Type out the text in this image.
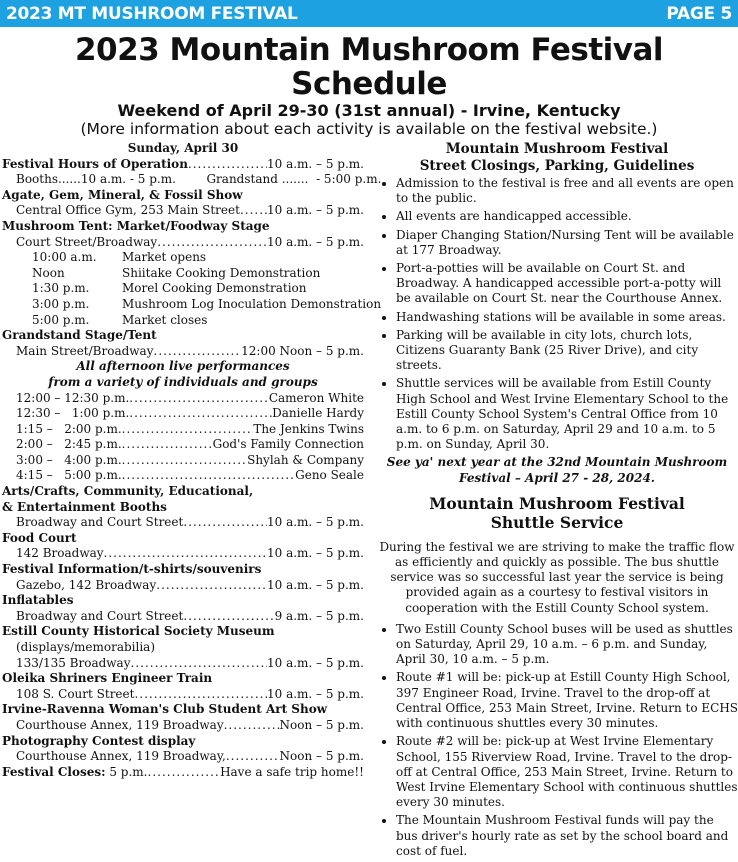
2023 MT MUSHROOM FESTIVAL	PAGE 5
2023 Mountain Mushroom Festival Schedule
Weekend of April 29-30 (31st annual) - Irvine, Kentucky
(More information about each activity is available on the festival website.)
Sunday, April 30
Festival Hours of Operation .....	10 a.m. – 5 p.m.
Booths......10 a.m. - 5 p.m.	Grandstand .......  - 5:00 p.m.
Agate, Gem, Mineral, & Fossil Show
Central Office Gym, 253 Main Street ..... 10 a.m. – 5 p.m.
Mushroom Tent: Market/Foodway Stage
Court Street/Broadway .....	10 a.m. – 5 p.m.
10:00 a.m.	Market opens
Noon	Shiitake Cooking Demonstration
1:30 p.m.	Morel Cooking Demonstration
3:00 p.m.	Mushroom Log Inoculation Demonstration
5:00 p.m.	Market closes
Grandstand Stage/Tent
Main Street/Broadway .....	12:00 Noon – 5 p.m.
All afternoon live performances
from a variety of individuals and groups
12:00 – 12:30 p.m. .....	Cameron White
12:30 –   1:00 p.m. .....	Danielle Hardy
1:15 –   2:00 p.m. .....	The Jenkins Twins
2:00 –   2:45 p.m. .....	God's Family Connection
3:00 –   4:00 p.m. .....	Shylah & Company
4:15 –   5:00 p.m. .....	Geno Seale
Arts/Crafts, Community, Educational,
& Entertainment Booths
Broadway and Court Street .....	10 a.m. – 5 p.m.
Food Court
142 Broadway .....	10 a.m. – 5 p.m.
Festival Information/t-shirts/souvenirs
Gazebo, 142 Broadway .....	10 a.m. – 5 p.m.
Inflatables
Broadway and Court Street .....	9 a.m. – 5 p.m.
Estill County Historical Society Museum
(displays/memorabilia)
133/135 Broadway .....	10 a.m. – 5 p.m.
Oleika Shriners Engineer Train
108 S. Court Street .....	10 a.m. – 5 p.m.
Irvine-Ravenna Woman's Club Student Art Show
Courthouse Annex, 119 Broadway .....	Noon – 5 p.m.
Photography Contest display
Courthouse Annex, 119 Broadway, .....	Noon – 5 p.m.
Festival Closes:
5 p.m. .....	Have a safe trip home!!
Mountain Mushroom Festival
Street Closings, Parking, Guidelines
• Admission to the festival is free and all events are open to the public.
• All events are handicapped accessible.
• Diaper Changing Station/Nursing Tent will be available at 177 Broadway.
• Port-a-potties will be available on Court St. and Broadway. A handicapped accessible port-a-potty will be available on Court St. near the Courthouse Annex.
• Handwashing stations will be available in some areas.
• Parking will be available in city lots, church lots, Citizens Guaranty Bank (25 River Drive), and city streets.
• Shuttle services will be available from Estill County High School and West Irvine Elementary School to the Estill County School System's Central Office from 10 a.m. to 6 p.m. on Saturday, April 29 and 10 a.m. to 5 p.m. on Sunday, April 30.
See ya' next year at the 32nd Mountain Mushroom Festival – April 27 - 28, 2024.
Mountain Mushroom Festival
Shuttle Service
During the festival we are striving to make the traffic flow as efficiently and quickly as possible. The bus shuttle service was so successful last year the service is being provided again as a courtesy to festival visitors in cooperation with the Estill County School system.
• Two Estill County School buses will be used as shuttles on Saturday, April 29, 10 a.m. – 6 p.m. and Sunday, April 30, 10 a.m. – 5 p.m.
• Route #1 will be: pick-up at Estill County High School, 397 Engineer Road, Irvine. Travel to the drop-off at Central Office, 253 Main Street, Irvine. Return to ECHS with continuous shuttles every 30 minutes.
• Route #2 will be: pick-up at West Irvine Elementary School, 155 Riverview Road, Irvine. Travel to the drop-off at Central Office, 253 Main Street, Irvine. Return to West Irvine Elementary School with continuous shuttles every 30 minutes.
• The Mountain Mushroom Festival funds will pay the bus driver's hourly rate as set by the school board and cost of fuel.
